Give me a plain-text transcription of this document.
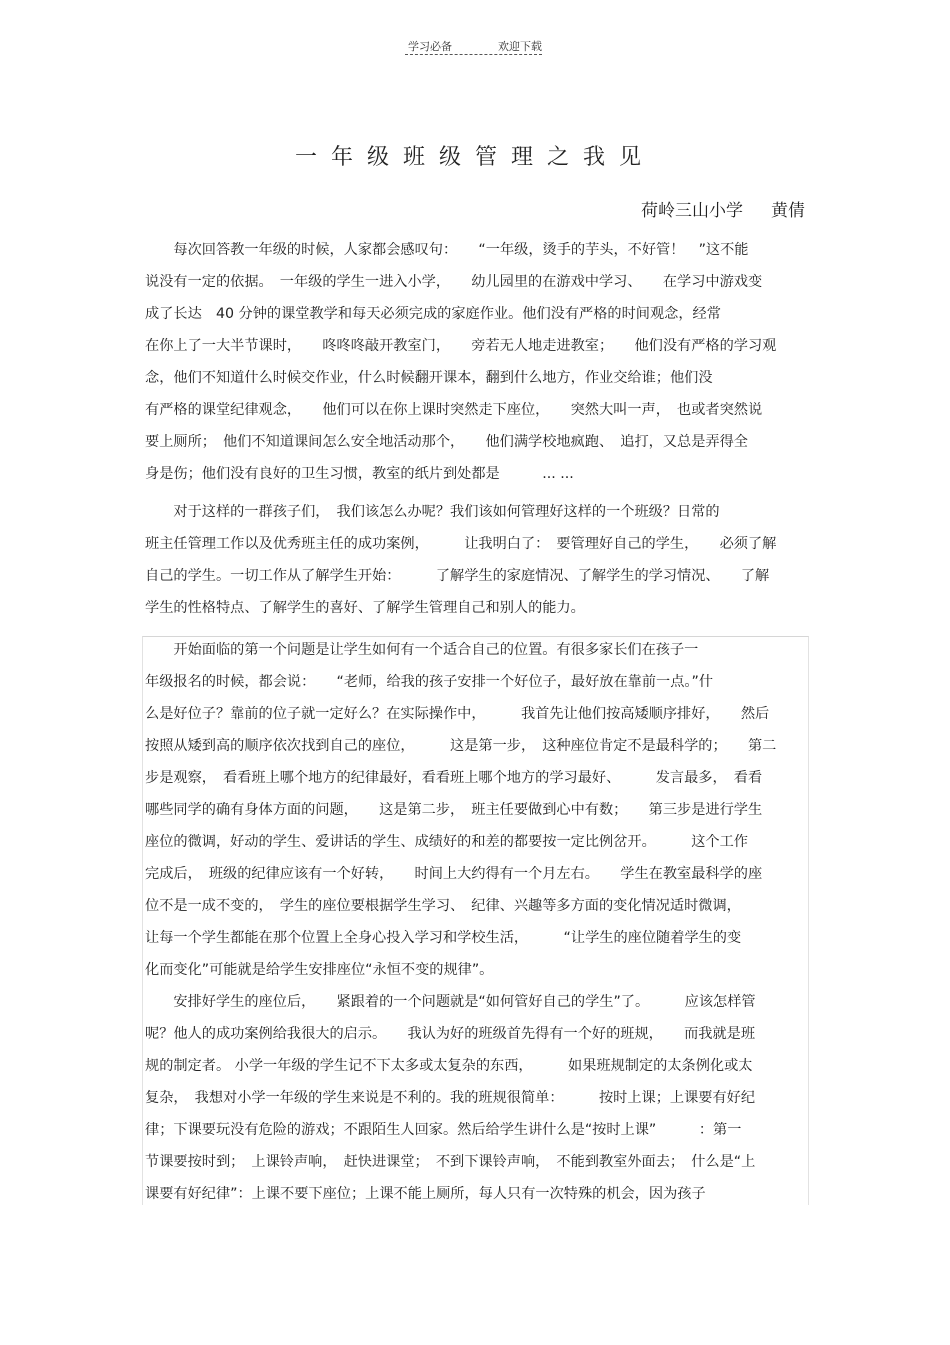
学习必备	欢迎下载
一年级班级管理之我见
荷岭三山小学 黄倩
　　每次回答教一年级的时候，人家都会感叹句：　　“一年级，烫手的芋头，不好管！　”这不能
说没有一定的依据。　一年级的学生一进入小学，　　幼儿园里的在游戏中学习、　　在学习中游戏变
成了长达　40 分钟的课堂教学和每天必须完成的家庭作业。他们没有严格的时间观念，经常
在你上了一大半节课时，　　咚咚咚敲开教室门，　　旁若无人地走进教室；　　他们没有严格的学习观
念，他们不知道什么时候交作业，什么时候翻开课本，翻到什么地方，作业交给谁；他们没
有严格的课堂纪律观念，　　他们可以在你上课时突然走下座位，　　突然大叫一声，　也或者突然说
要上厕所；　他们不知道课间怎么安全地活动那个，　　他们满学校地疯跑、　追打，又总是弄得全
身是伤；他们没有良好的卫生习惯，教室的纸片到处都是　　　... ...
　　对于这样的一群孩子们，　我们该怎么办呢？我们该如何管理好这样的一个班级？日常的
班主任管理工作以及优秀班主任的成功案例，　　　让我明白了：　要管理好自己的学生，　　必须了解
自己的学生。一切工作从了解学生开始：　　　了解学生的家庭情况、了解学生的学习情况、　　了解
学生的性格特点、了解学生的喜好、了解学生管理自己和别人的能力。
　　开始面临的第一个问题是让学生如何有一个适合自己的位置。有很多家长们在孩子一
年级报名的时候，都会说：　　“老师，给我的孩子安排一个好位子，最好放在靠前一点。”什
么是好位子？靠前的位子就一定好么？在实际操作中，　　　我首先让他们按高矮顺序排好，　　然后
按照从矮到高的顺序依次找到自己的座位，　　　这是第一步，　这种座位肯定不是最科学的；　　第二
步是观察，　看看班上哪个地方的纪律最好，看看班上哪个地方的学习最好、　　　发言最多，　看看
哪些同学的确有身体方面的问题，　　这是第二步，　班主任要做到心中有数；　　第三步是进行学生
座位的微调，好动的学生、爱讲话的学生、成绩好的和差的都要按一定比例岔开。　　　这个工作
完成后，　班级的纪律应该有一个好转，　　时间上大约得有一个月左右。　　学生在教室最科学的座
位不是一成不变的，　学生的座位要根据学生学习、　纪律、兴趣等多方面的变化情况适时微调，
让每一个学生都能在那个位置上全身心投入学习和学校生活，　　　“让学生的座位随着学生的变
化而变化”可能就是给学生安排座位“永恒不变的规律”。
　　安排好学生的座位后，　　紧跟着的一个问题就是“如何管好自己的学生”了。　　　应该怎样管
呢？他人的成功案例给我很大的启示。　　我认为好的班级首先得有一个好的班规，　　而我就是班
规的制定者。 小学一年级的学生记不下太多或太复杂的东西，　　　如果班规制定的太条例化或太
复杂，　我想对小学一年级的学生来说是不利的。我的班规很简单：　　　按时上课；上课要有好纪
律；下课要玩没有危险的游戏；不跟陌生人回家。然后给学生讲什么是“按时上课”　　　：第一
节课要按时到；　上课铃声响，　赶快进课堂；　不到下课铃声响，　不能到教室外面去；　什么是“上
课要有好纪律”：上课不要下座位；上课不能上厕所，每人只有一次特殊的机会，因为孩子
